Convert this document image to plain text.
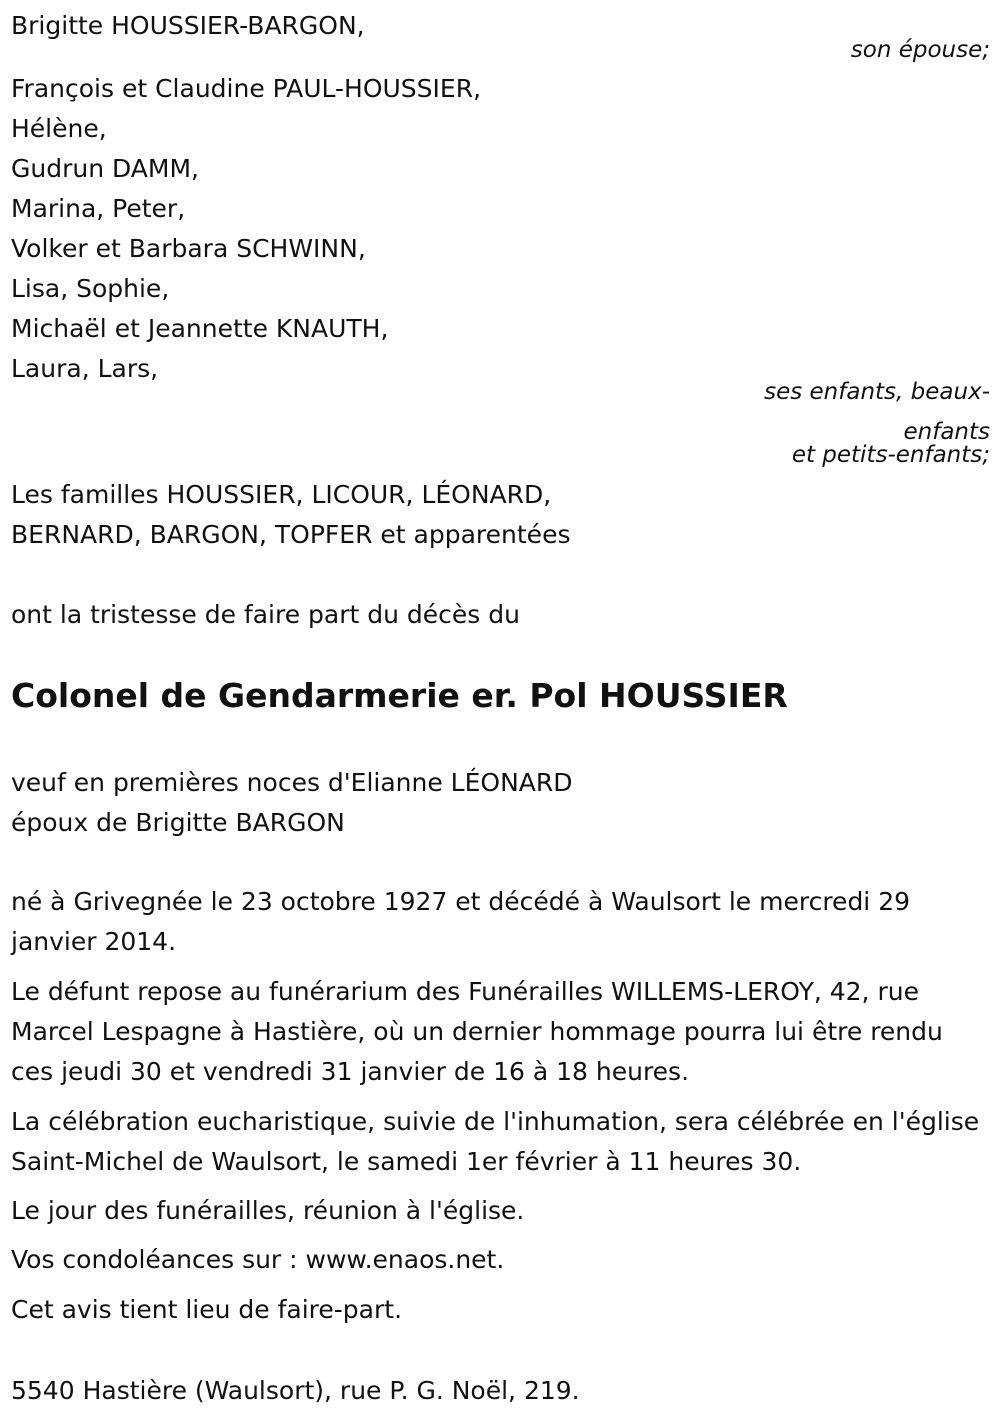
Brigitte HOUSSIER-BARGON,
son épouse;
François et Claudine PAUL-HOUSSIER,
Hélène,
Gudrun DAMM,
Marina, Peter,
Volker et Barbara SCHWINN,
Lisa, Sophie,
Michaël et Jeannette KNAUTH,
Laura, Lars,
ses enfants, beaux-
enfants
et petits-enfants;
Les familles HOUSSIER, LICOUR, LÉONARD,
BERNARD, BARGON, TOPFER et apparentées
ont la tristesse de faire part du décès du
Colonel de Gendarmerie er. Pol HOUSSIER
veuf en premières noces d'Elianne LÉONARD
époux de Brigitte BARGON
né à Grivegnée le 23 octobre 1927 et décédé à Waulsort le mercredi 29 janvier 2014.
Le défunt repose au funérarium des Funérailles WILLEMS-LEROY, 42, rue Marcel Lespagne à Hastière, où un dernier hommage pourra lui être rendu ces jeudi 30 et vendredi 31 janvier de 16 à 18 heures.
La célébration eucharistique, suivie de l'inhumation, sera célébrée en l'église Saint-Michel de Waulsort, le samedi 1er février à 11 heures 30.
Le jour des funérailles, réunion à l'église.
Vos condoléances sur : www.enaos.net.
Cet avis tient lieu de faire-part.
5540 Hastière (Waulsort), rue P. G. Noël, 219.
